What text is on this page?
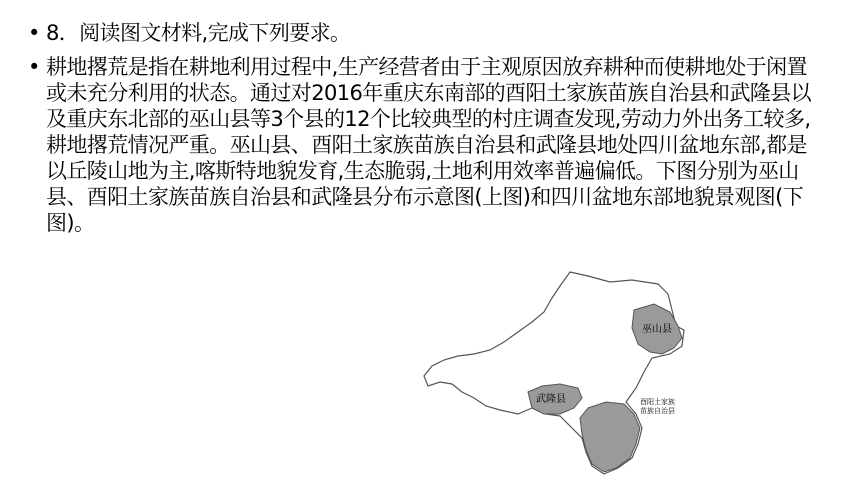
• 8．阅读图文材料,完成下列要求。
• 耕地撂荒是指在耕地利用过程中,生产经营者由于主观原因放弃耕种而使耕地处于闲置或未充分利用的状态。通过对2016年重庆东南部的酉阳土家族苗族自治县和武隆县以及重庆东北部的巫山县等3个县的12个比较典型的村庄调查发现,劳动力外出务工较多,耕地撂荒情况严重。巫山县、酉阳土家族苗族自治县和武隆县地处四川盆地东部,都是以丘陵山地为主,喀斯特地貌发育,生态脆弱,土地利用效率普遍偏低。下图分别为巫山县、酉阳土家族苗族自治县和武隆县分布示意图(上图)和四川盆地东部地貌景观图(下图)。
巫山县
武隆县	酉阳土家族
苗族自治县
